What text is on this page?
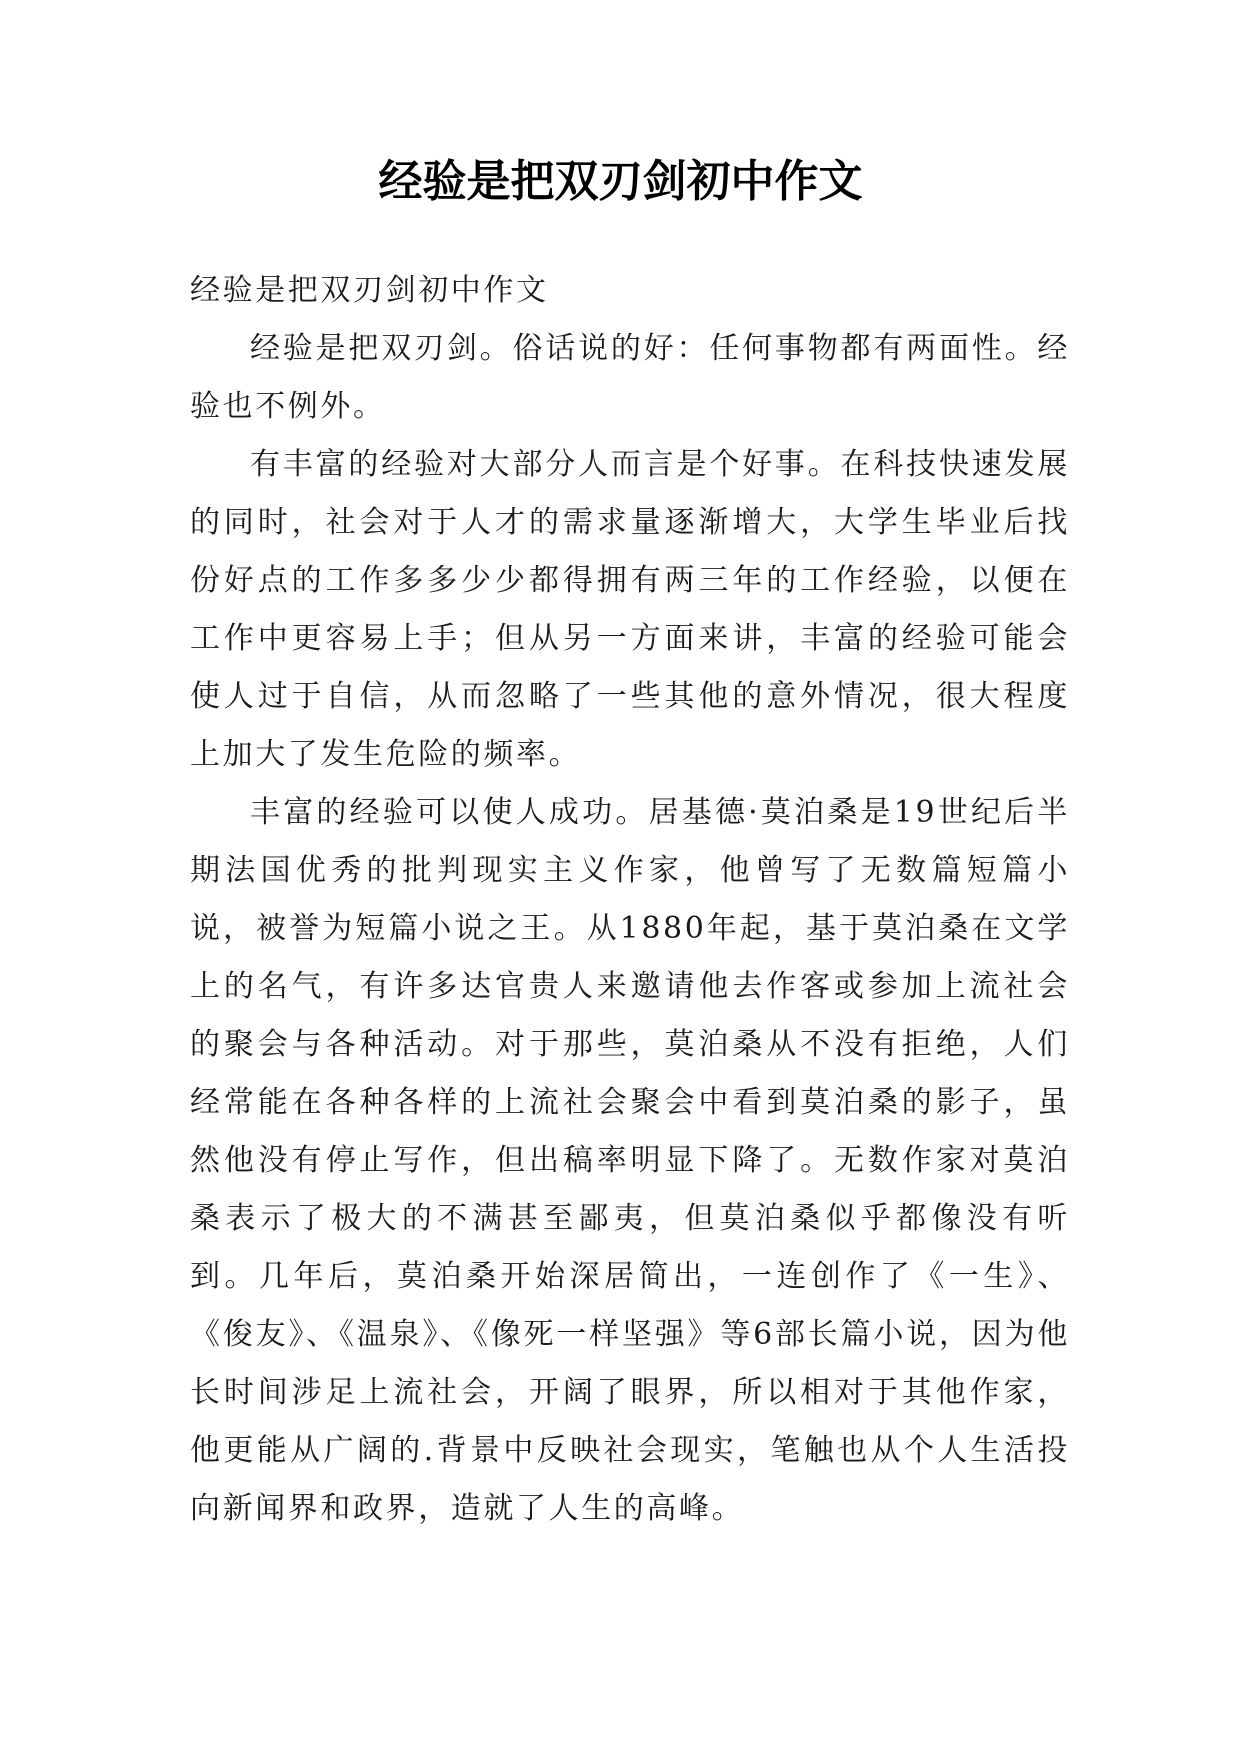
经验是把双刃剑初中作文

经验是把双刃剑初中作文

经验是把双刃剑。俗话说的好：任何事物都有两面性。经验也不例外。

有丰富的经验对大部分人而言是个好事。在科技快速发展的同时，社会对于人才的需求量逐渐增大，大学生毕业后找份好点的工作多多少少都得拥有两三年的工作经验，以便在工作中更容易上手；但从另一方面来讲，丰富的经验可能会使人过于自信，从而忽略了一些其他的意外情况，很大程度上加大了发生危险的频率。

丰富的经验可以使人成功。居基德·莫泊桑是19世纪后半期法国优秀的批判现实主义作家，他曾写了无数篇短篇小说，被誉为短篇小说之王。从1880年起，基于莫泊桑在文学上的名气，有许多达官贵人来邀请他去作客或参加上流社会的聚会与各种活动。对于那些，莫泊桑从不没有拒绝，人们经常能在各种各样的上流社会聚会中看到莫泊桑的影子，虽然他没有停止写作，但出稿率明显下降了。无数作家对莫泊桑表示了极大的不满甚至鄙夷，但莫泊桑似乎都像没有听到。几年后，莫泊桑开始深居简出，一连创作了《一生》、《俊友》、《温泉》、《像死一样坚强》等6部长篇小说，因为他长时间涉足上流社会，开阔了眼界，所以相对于其他作家，他更能从广阔的.背景中反映社会现实，笔触也从个人生活投向新闻界和政界，造就了人生的高峰。
